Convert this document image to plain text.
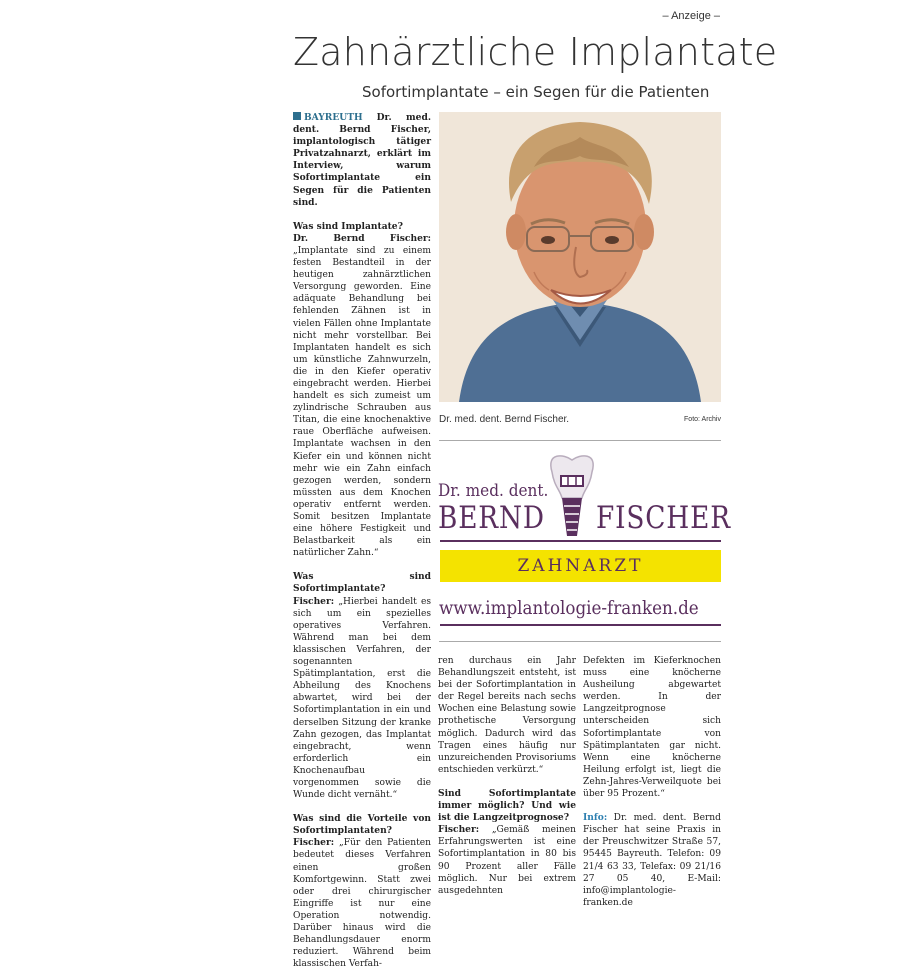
– Anzeige –
Zahnärztliche Implantate
Sofortimplantate – ein Segen für die Patienten

BAYREUTH Dr. med. dent. Bernd Fischer, implantologisch tätiger Privatzahnarzt, erklärt im Interview, warum Sofortimplantate ein Segen für die Patienten sind.

Was sind Implantate?
Dr. Bernd Fischer: „Implantate sind zu einem festen Bestandteil in der heutigen zahnärztlichen Versorgung geworden. Eine adäquate Behandlung bei fehlenden Zähnen ist in vielen Fällen ohne Implantate nicht mehr vorstellbar. Bei Implantaten handelt es sich um künstliche Zahnwurzeln, die in den Kiefer operativ eingebracht werden. Hierbei handelt es sich zumeist um zylindrische Schrauben aus Titan, die eine knochenaktive raue Oberfläche aufweisen. Implantate wachsen in den Kiefer ein und können nicht mehr wie ein Zahn einfach gezogen werden, sondern müssten aus dem Knochen operativ entfernt werden. Somit besitzen Implantate eine höhere Festigkeit und Belastbarkeit als ein natürlicher Zahn.“

Was sind Sofortimplantate?
Fischer: „Hierbei handelt es sich um ein spezielles operatives Verfahren. Während man bei dem klassischen Verfahren, der sogenannten Spätimplantation, erst die Abheilung des Knochens abwartet, wird bei der Sofortimplantation in ein und derselben Sitzung der kranke Zahn gezogen, das Implantat eingebracht, wenn erforderlich ein Knochenaufbau vorgenommen sowie die Wunde dicht vernäht.“

Was sind die Vorteile von Sofortimplantaten?
Fischer: „Für den Patienten bedeutet dieses Verfahren einen großen Komfortgewinn. Statt zwei oder drei chirurgischer Eingriffe ist nur eine Operation notwendig. Darüber hinaus wird die Behandlungsdauer enorm reduziert. Während beim klassischen Verfah-

Dr. med. dent. Bernd Fischer.	Foto: Archiv
Dr. med. dent.
BERND FISCHER
ZAHNARZT
www.implantologie-franken.de

ren durchaus ein Jahr Behandlungszeit entsteht, ist bei der Sofortimplantation in der Regel bereits nach sechs Wochen eine Belastung sowie prothetische Versorgung möglich. Dadurch wird das Tragen eines häufig nur unzureichenden Provisoriums entschieden verkürzt.“

Sind Sofortimplantate immer möglich? Und wie ist die Langzeitprognose?
Fischer: „Gemäß meinen Erfahrungswerten ist eine Sofortimplantation in 80 bis 90 Prozent aller Fälle möglich. Nur bei extrem ausgedehnten

Defekten im Kieferknochen muss eine knöcherne Ausheilung abgewartet werden. In der Langzeitprognose unterscheiden sich Sofortimplantate von Spätimplantaten gar nicht. Wenn eine knöcherne Heilung erfolgt ist, liegt die Zehn-Jahres-Verweilquote bei über 95 Prozent.“

Info: Dr. med. dent. Bernd Fischer hat seine Praxis in der Preuschwitzer Straße 57, 95445 Bayreuth. Telefon: 09 21/4 63 33, Telefax: 09 21/16 27 05 40, E-Mail: info@implantologie-franken.de
